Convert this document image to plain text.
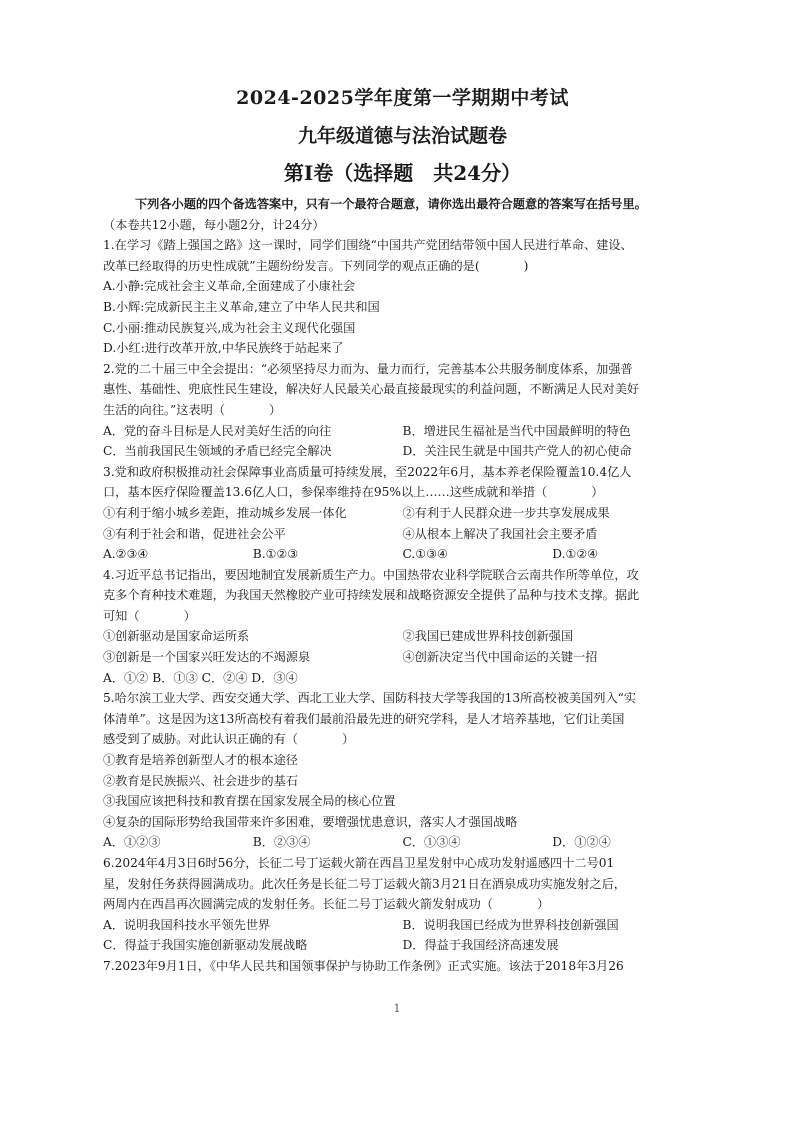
2024-2025学年度第一学期期中考试
九年级道德与法治试题卷
第Ⅰ卷（选择题　共24分）
下列各小题的四个备选答案中，只有一个最符合题意，请你选出最符合题意的答案写在括号里。
（本卷共12小题，每小题2分，计24分）
1.在学习《踏上强国之路》这一课时，同学们围绕“中国共产党团结带领中国人民进行革命、建设、
改革已经取得的历史性成就”主题纷纷发言。下列同学的观点正确的是(	)
A.小静:完成社会主义革命,全面建成了小康社会
B.小辉:完成新民主主义革命,建立了中华人民共和国
C.小丽:推动民族复兴,成为社会主义现代化强国
D.小红:进行改革开放,中华民族终于站起来了
2.党的二十届三中全会提出：“必须坚持尽力而为、量力而行，完善基本公共服务制度体系，加强普
惠性、基础性、兜底性民生建设，解决好人民最关心最直接最现实的利益问题，不断满足人民对美好
生活的向往。”这表明（	）
A．党的奋斗目标是人民对美好生活的向往	B．增进民生福祉是当代中国最鲜明的特色
C．当前我国民生领域的矛盾已经完全解决	D．关注民生就是中国共产党人的初心使命
3.党和政府积极推动社会保障事业高质量可持续发展，至2022年6月，基本养老保险覆盖10.4亿人
口，基本医疗保险覆盖13.6亿人口，参保率维持在95%以上……这些成就和举措（	）
①有利于缩小城乡差距，推动城乡发展一体化	②有利于人民群众进一步共享发展成果
③有利于社会和谐，促进社会公平	④从根本上解决了我国社会主要矛盾
A.②③④	B.①②③	C.①③④	D.①②④
4.习近平总书记指出，要因地制宜发展新质生产力。中国热带农业科学院联合云南共作所等单位，攻
克多个育种技术难题，为我国天然橡胶产业可持续发展和战略资源安全提供了品种与技术支撑。据此
可知（	）
①创新驱动是国家命运所系	②我国已建成世界科技创新强国
③创新是一个国家兴旺发达的不竭源泉	④创新决定当代中国命运的关键一招
A．①② B．①③ C．②④ D．③④
5.哈尔滨工业大学、西安交通大学、西北工业大学、国防科技大学等我国的13所高校被美国列入“实
体清单”。这是因为这13所高校有着我们最前沿最先进的研究学科，是人才培养基地，它们让美国
感受到了威胁。对此认识正确的有（	）
①教育是培养创新型人才的根本途径
②教育是民族振兴、社会进步的基石
③我国应该把科技和教育摆在国家发展全局的核心位置
④复杂的国际形势给我国带来许多困难，要增强忧患意识，落实人才强国战略
A．①②③	B．②③④	C．①③④	D．①②④
6.2024年4月3日6时56分，长征二号丁运载火箭在西昌卫星发射中心成功发射遥感四十二号01
星，发射任务获得圆满成功。此次任务是长征二号丁运载火箭3月21日在酒泉成功实施发射之后，
两周内在西昌再次圆满完成的发射任务。长征二号丁运载火箭发射成功（	）
A．说明我国科技水平领先世界	B．说明我国已经成为世界科技创新强国
C．得益于我国实施创新驱动发展战略	D．得益于我国经济高速发展
7.2023年9月1日，《中华人民共和国领事保护与协助工作条例》正式实施。该法于2018年3月26
1
